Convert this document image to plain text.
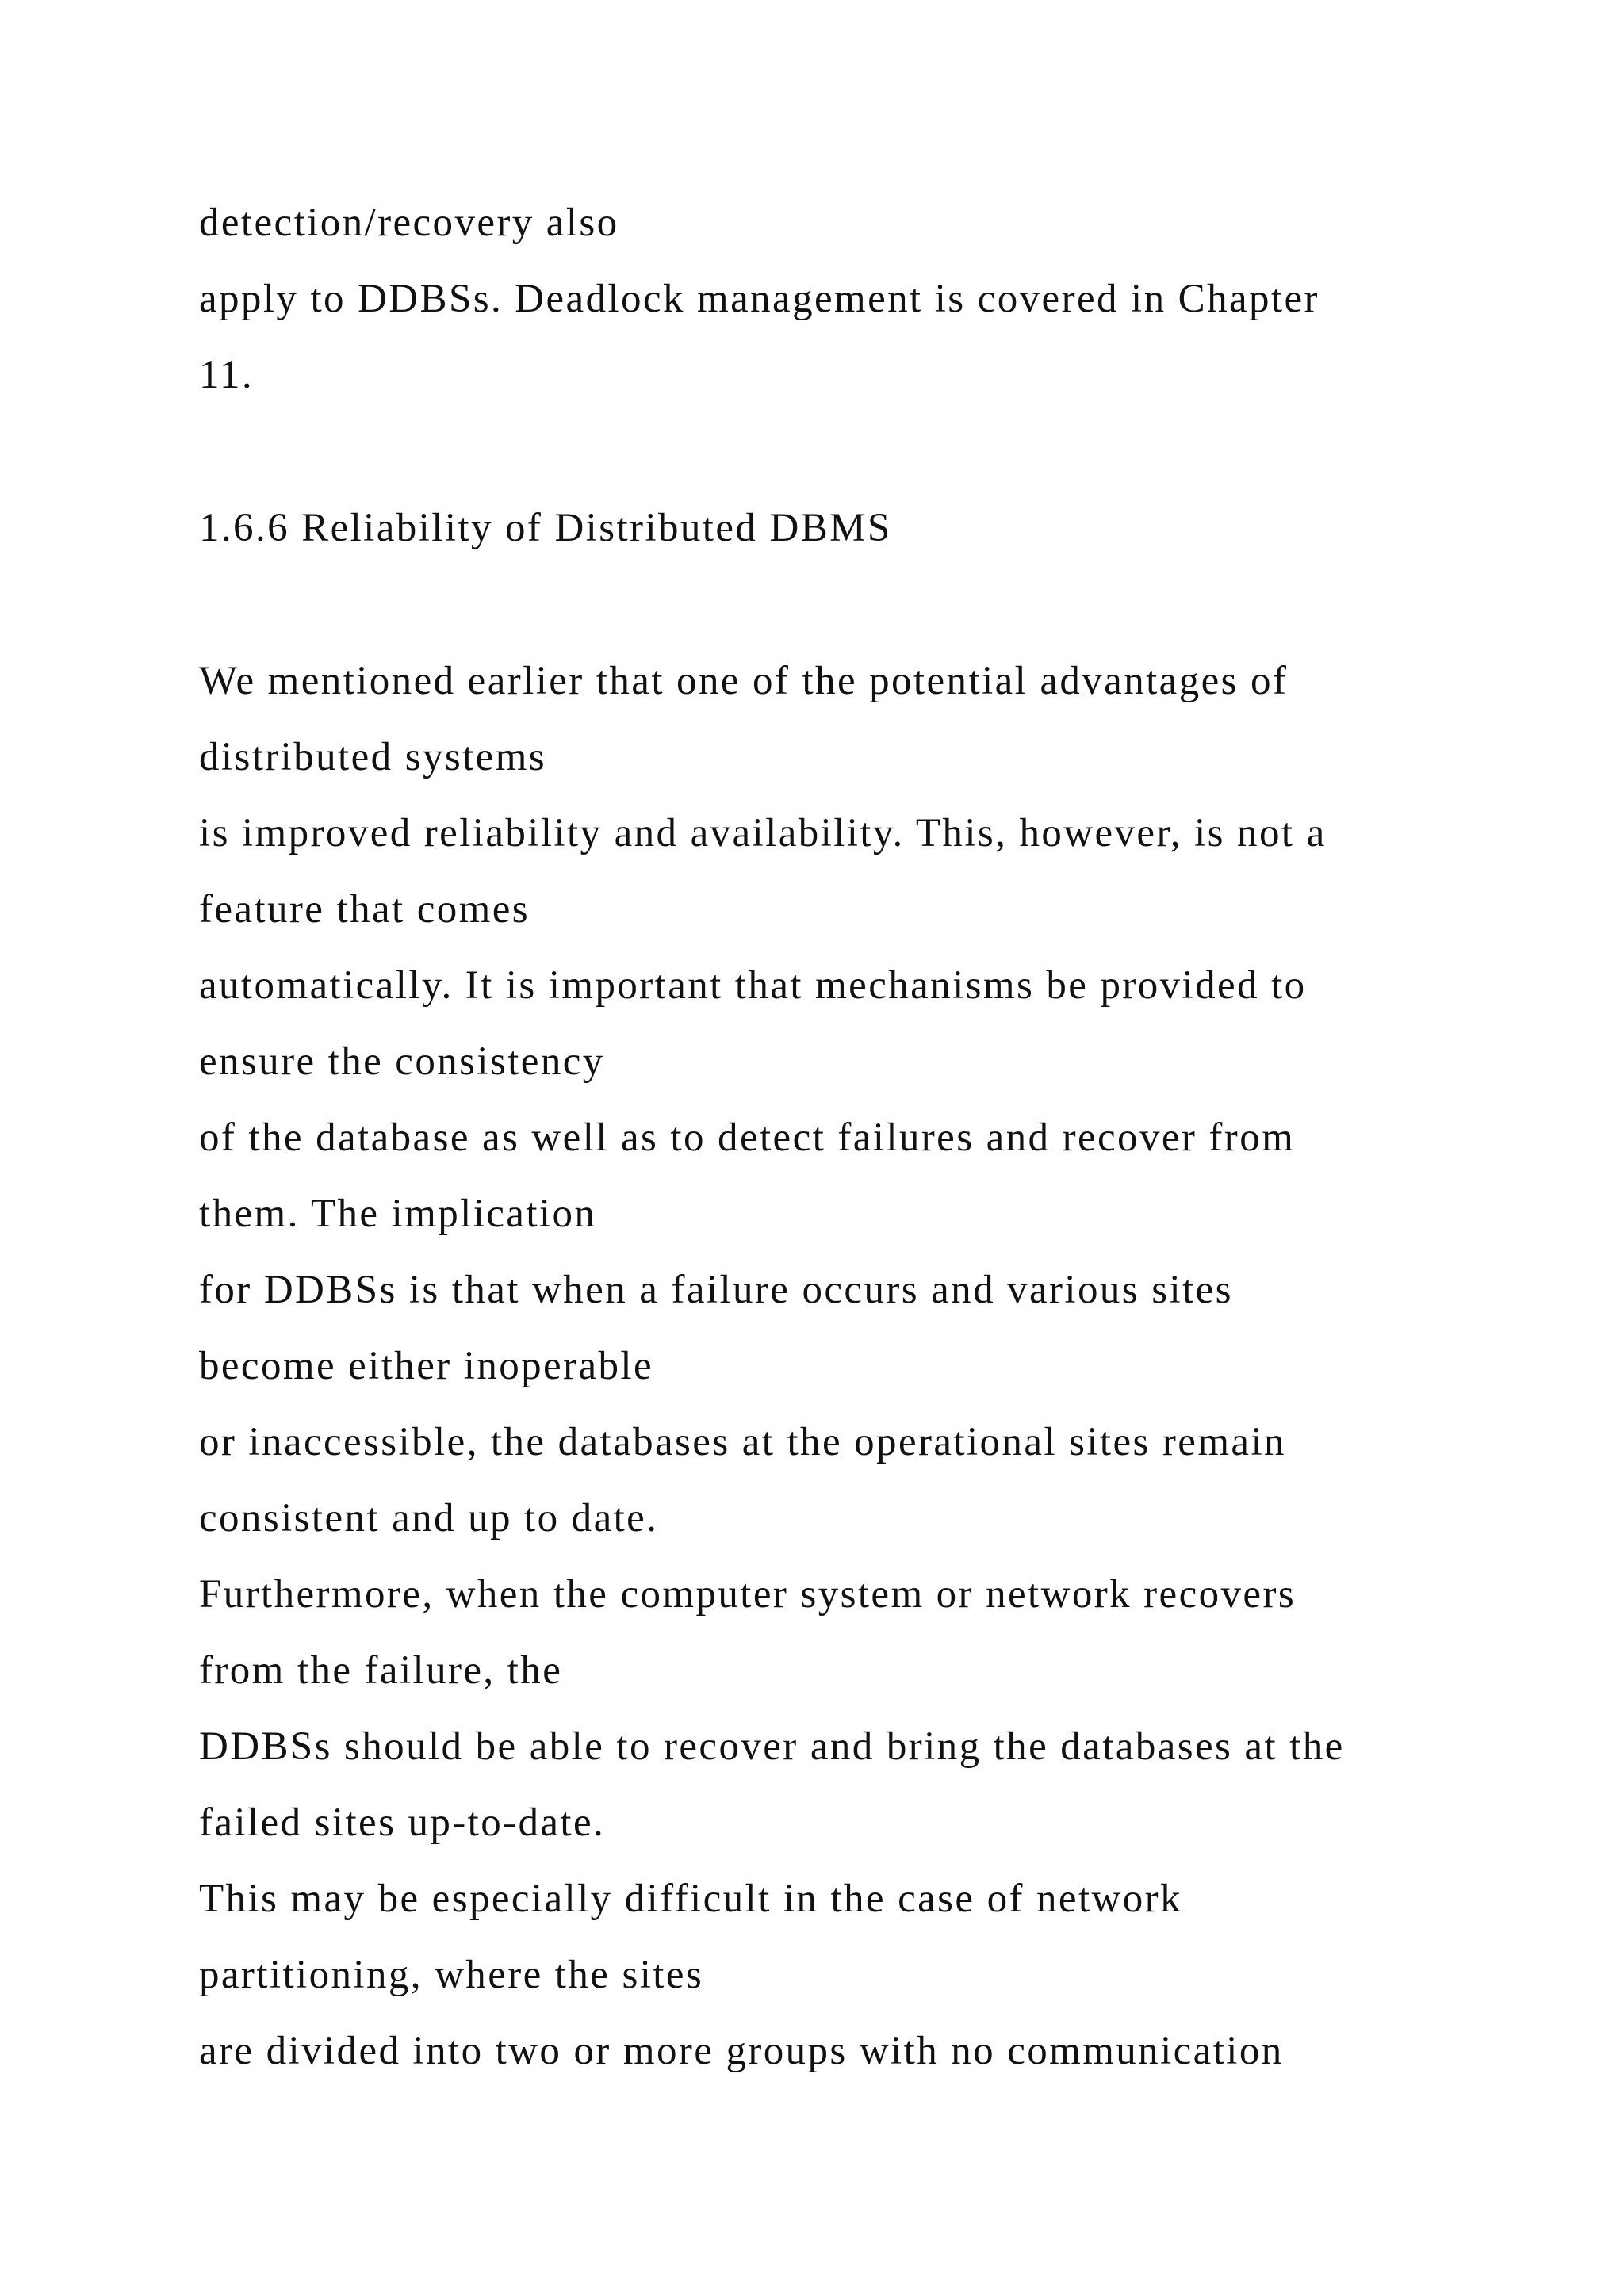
detection/recovery also
apply to DDBSs. Deadlock management is covered in Chapter
11.
1.6.6 Reliability of Distributed DBMS
We mentioned earlier that one of the potential advantages of
distributed systems
is improved reliability and availability. This, however, is not a
feature that comes
automatically. It is important that mechanisms be provided to
ensure the consistency
of the database as well as to detect failures and recover from
them. The implication
for DDBSs is that when a failure occurs and various sites
become either inoperable
or inaccessible, the databases at the operational sites remain
consistent and up to date.
Furthermore, when the computer system or network recovers
from the failure, the
DDBSs should be able to recover and bring the databases at the
failed sites up-to-date.
This may be especially difficult in the case of network
partitioning, where the sites
are divided into two or more groups with no communication
